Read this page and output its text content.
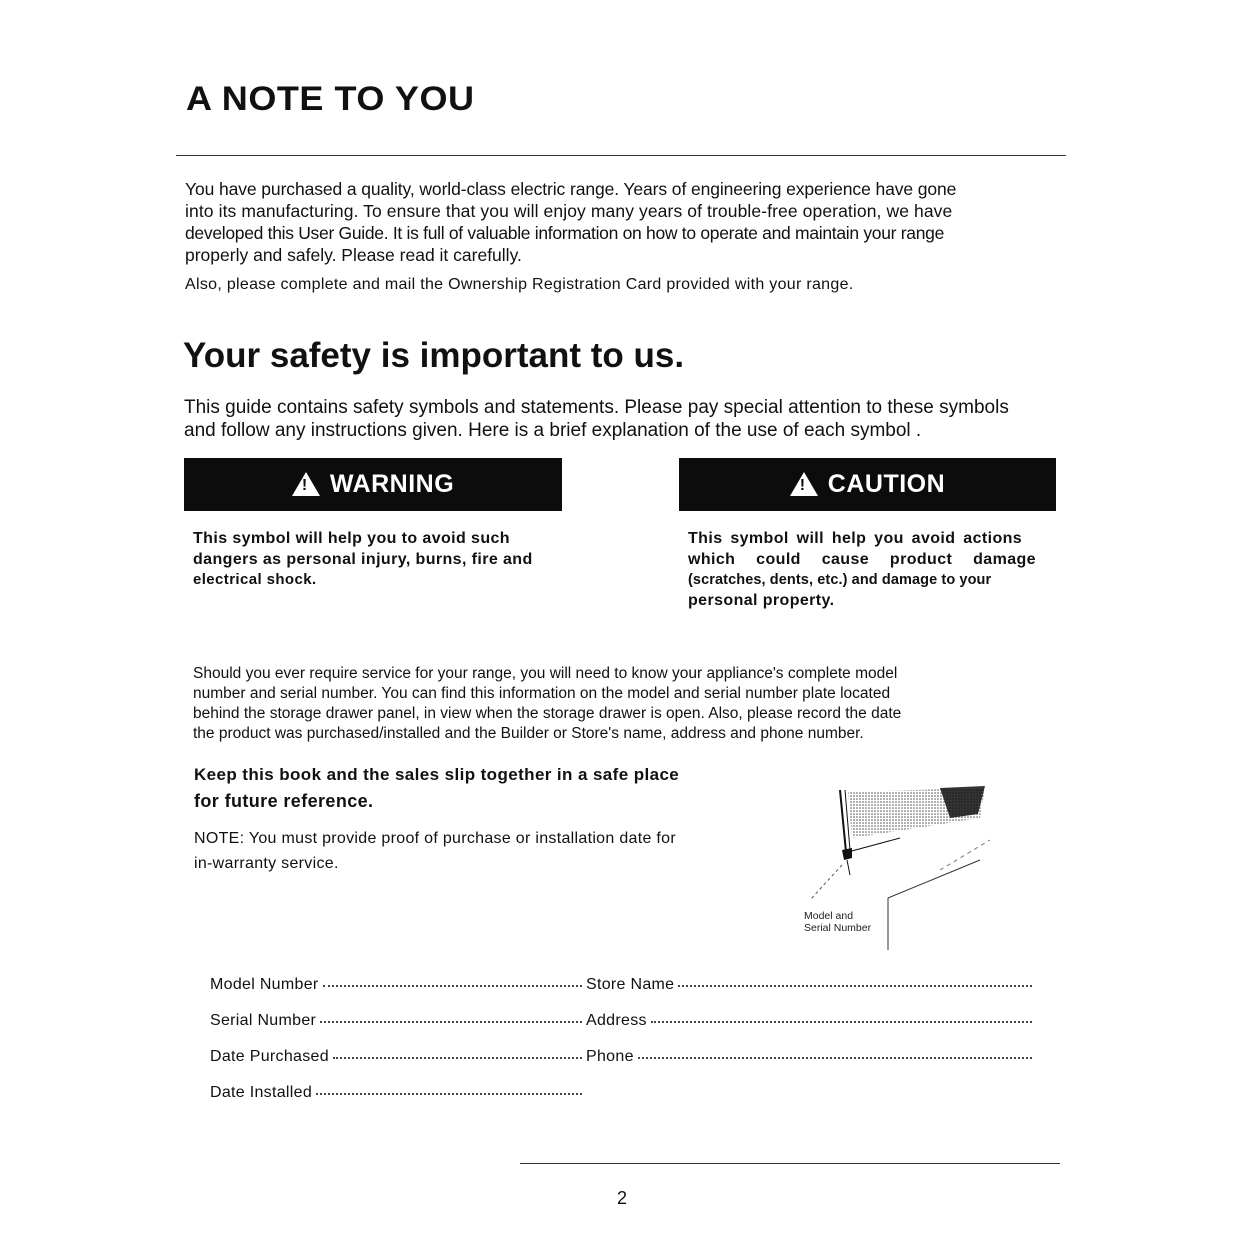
A NOTE TO YOU
You have purchased a quality, world-class electric range. Years of engineering experience have gone
into its manufacturing. To ensure that you will enjoy many years of trouble-free operation, we have
developed this User Guide. It is full of valuable information on how to operate and maintain your range
properly and safely. Please read it carefully.
Also, please complete and mail the Ownership Registration Card provided with your range.
Your safety is important to us.
This guide contains safety symbols and statements. Please pay special attention to these symbols
and follow any instructions given. Here is a brief explanation of the use of each symbol .
!
WARNING
This symbol will help you to avoid such
dangers as personal injury, burns, fire and
electrical shock.
!
CAUTION
This symbol will help you avoid actions
which could cause product damage
(scratches, dents, etc.) and damage to your
personal property.
Should you ever require service for your range, you will need to know your appliance's complete model
number and serial number. You can find this information on the model and serial number plate located
behind the storage drawer panel, in view when the storage drawer is open. Also, please record the date
the product was purchased/installed and the Builder or Store's name, address and phone number.
Keep this book and the sales slip together in a safe place
for future reference.
NOTE: You must provide proof of purchase or installation date for
in-warranty service.
Model and
Serial Number
Model Number
Serial Number
Date Purchased
Date Installed
Store Name
Address
Phone
2
